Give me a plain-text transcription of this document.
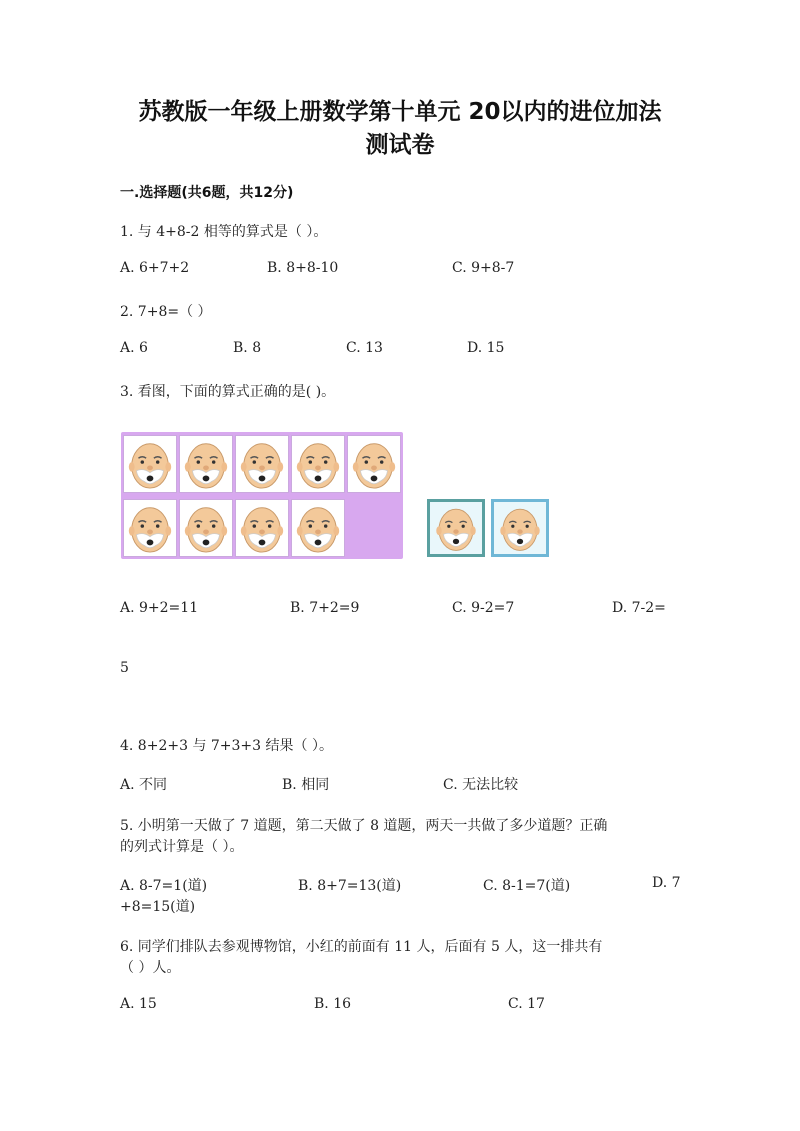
苏教版一年级上册数学第十单元 20以内的进位加法
测试卷
一.选择题(共6题，共12分)
1. 与 4+8-2 相等的算式是（ ）。
A. 6+7+2	B. 8+8-10	C. 9+8-7
2. 7+8=（ ）
A. 6	B. 8	C. 13	D. 15
3. 看图，下面的算式正确的是( )。
A. 9+2=11	B. 7+2=9	C. 9-2=7	D. 7-2=
5
4. 8+2+3 与 7+3+3 结果（ ）。
A. 不同	B. 相同	C. 无法比较
5. 小明第一天做了 7 道题，第二天做了 8 道题，两天一共做了多少道题？正确
的列式计算是（ ）。
A. 8-7=1(道)	B. 8+7=13(道)	C. 8-1=7(道)	D. 7
+8=15(道)
6. 同学们排队去参观博物馆，小红的前面有 11 人，后面有 5 人，这一排共有
（ ）人。
A. 15	B. 16	C. 17
